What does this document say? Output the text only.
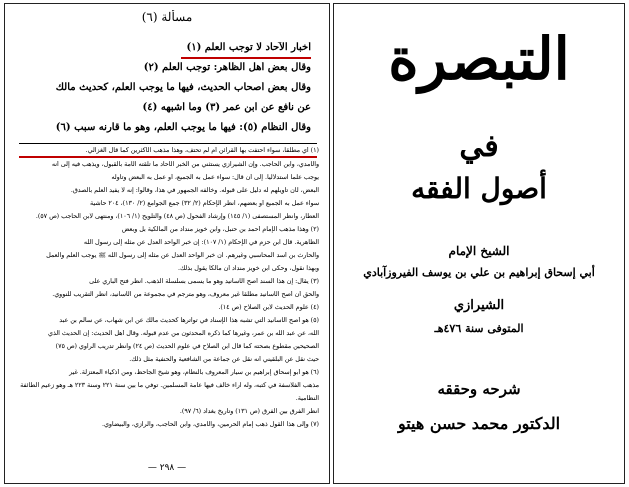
مسألة (٦)
أخبار الآحاد لا توجب العلم (١)
وقال بعض أهل الظاهر: توجب العلم (٢)
وقال بعض أصحاب الحديث، فيها ما يوجب العلم، كحديث مالك
عن نافع عن ابن عمر (٣) وما أشبهه (٤)
وقال النظّام (٥): فيها ما يوجب العلم، وهو ما قارنه سبب (٦)
(١) أي مطلقا، سواء احتفت بها القرائن أم لم تحتف، وهذا مذهب الأكثرين كما قال الغزالي.
والآمدي، وابن الحاجب. وإن الشيرازي يستثني من الخبر الآحاد ما تلقته الأمة بالقبول، ويذهب فيه إلى أنه
يوجب علما استدلاليا. إلى أن قال: سواء عمل به الجميع، أو عمل به البعض وتأوله
البعض، لأن تأويلهم له دليل على قبوله. وخالفه الجمهور في هذا، وقالوا: إنه لا يفيد العلم بالصدق.
سواء عمل به الجميع أو بعضهم، انظر الإحكام (٢/ ٣٢) جمع الجوامع (٢/ ١٣٠)، ٢٠٤ حاشية
العطار، وانظر المستصفى (١/ ١٤٥) وإرشاد الفحول (ص ٤٨) والتلويح (١/ ١٠٦)، ومنتهى لابن الحاجب (ص ٥٧).
(٢) وهذا مذهب الإمام أحمد بن حنبل، وابن خويز منداد من المالكية بل وبعض
الظاهرية. قال ابن حزم في الإحكام (١/ ١٠٧): إن خبر الواحد العدل عن مثله إلى رسول الله
والحارث بن أسد المحاسبي وغيرهم. ان خبر الواحد العدل عن مثله إلى رسول الله ﷺ يوجب العلم والعمل
وبهذا نقول، وحكى ابن خويز منداد أن مالكا يقول بذلك.
(٣) يقال: إن هذا السند أصح الأسانيد وهو ما يسمى بسلسلة الذهب. انظر فتح الباري على
والحق أن أصح الأسانيد مطلقا غير معروف، وهو مترجم في مجموعة من الأسانيد، انظر التقريب للنووي.
(٤) علوم الحديث لابن الصلاح (ص ١٤).
(٥) هو أصح الأسانيد التي تشبه هذا الإسناد في تواترها كحديث مالك عن ابن شهاب، عن سالم بن عبد
الله، عن عبد الله بن عمر، وغيرها كما ذكره المحدثون من عدم قبوله. وقال أهل الحديث: إن الحديث الذي
الصحيحين مقطوع بصحته كما قال ابن الصلاح في علوم الحديث (ص ٢٤) وانظر تدريب الراوي (ص ٧٥)
حيث نقل عن البلقيني أنه نقل عن جماعة من الشافعية والحنفية مثل ذلك.
(٦) هو أبو إسحاق إبراهيم بن سيار المعروف بالنظام، وهو شيخ الجاحظ، ومن أذكياء المعتزلة. غير
مذهب الفلاسفة في كتبه، وله آراء خالف فيها عامة المسلمين. توفي ما بين سنة ٢٢١ وسنة ٢٢٣ هـ وهو زعيم الطائفة
النظامية.
انظر الفرق بين الفرق (ص ١٣١) وتاريخ بغداد (٦/ ٩٧).
(٧) وإلى هذا القول ذهب إمام الحرمين، والآمدي، وابن الحاجب، والرازي، والبيضاوي.
— ٢٩٨ —
التبصرة
في
أصول الفقه
الشيخ الإمام
أبي إسحاق إبراهيم بن علي بن يوسف الفيروزآبادي
الشيرازي
المتوفى سنة ٤٧٦هـ
شرحه وحققه
الدكتور محمد حسن هيتو
